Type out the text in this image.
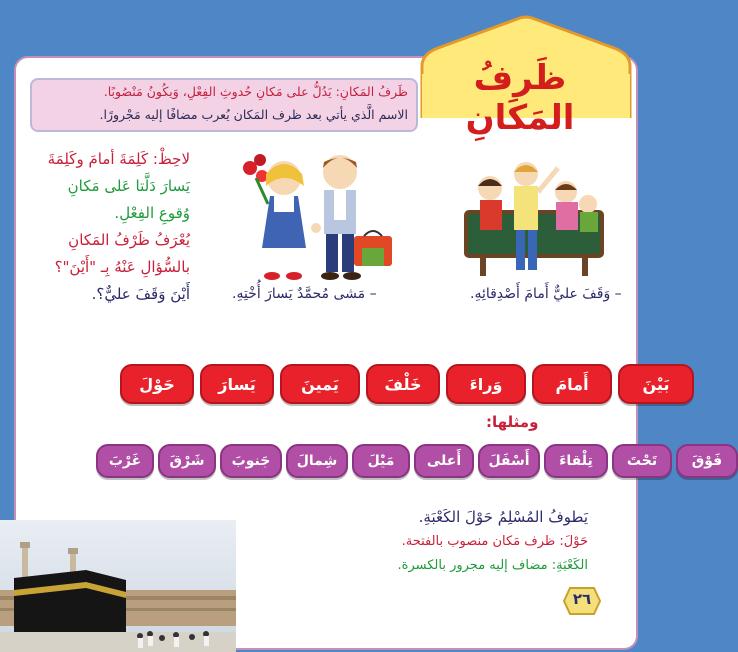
ظَرفُ المَكَانِ
ظَرفُ المَكانِ: يَدُلُّ على مَكانِ حُدوثِ الفِعْلِ، وَيكُونُ مَنْصُوبًا.
الاسم الَّذي يأتي بعد ظرف المَكان يُعرب مضافًا إليه مَجْرورًا.
لاحِظْ: كَلِمَةَ أمامَ وكَلِمَةَ
يَسارَ دَلَّتا عَلى مَكانِ
وُقوعِ الفِعْلِ.
يُعْرَفُ ظَرْفُ المَكانِ
بالسُّؤالِ عَنْهُ بِـ "أَيْنَ"؟
أَيْنَ وَقَفَ عليٌّ؟.	– وَقَفَ عليٌّ أَمامَ أَصْدِقائِهِ.
– مَشى مُحمَّدٌ يَسارَ أُخْتِهِ.
بَيْنَ
أَمامَ
وَراءَ
خَلْفَ
يَمينَ
يَسارَ
حَوْلَ
ومثلها:
فَوْقَ
تَحْتَ
تِلْقاءَ
أَسْفَلَ
أَعلى
مَيْلَ
شِمالَ
جَنوبَ
شَرْقَ
غَرْبَ
يَطوفُ المُسْلِمُ حَوْلَ الكَعْبَةِ.
حَوْلَ: ظرف مَكان منصوب بالفتحة.
الكَعْبَةِ: مضاف إليه مجرور بالكسرة.
٢٦
